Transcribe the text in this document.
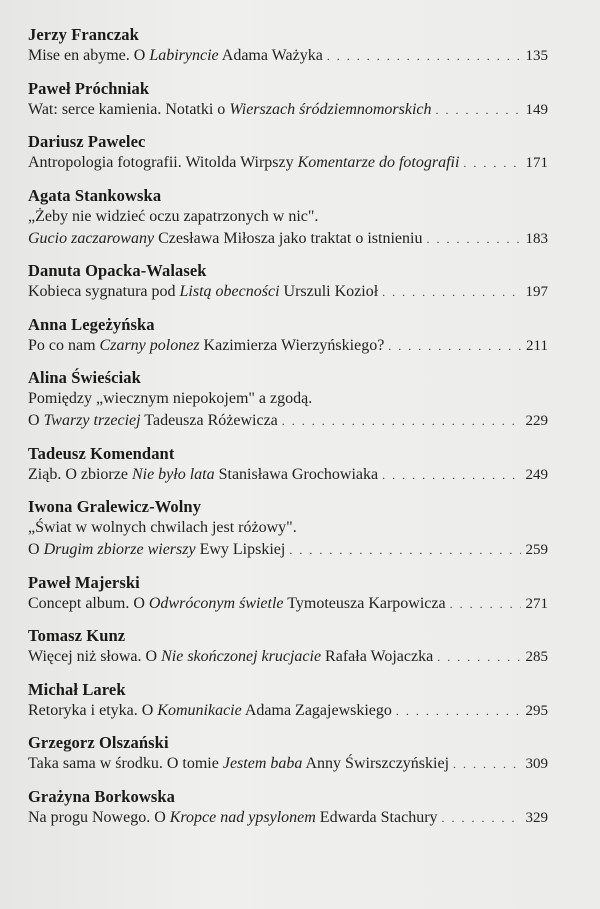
Jerzy Franczak
Mise en abyme. O Labiryncie Adama Ważyka . . .	135
Paweł Próchniak
Wat: serce kamienia. Notatki o Wierszach śródziemnomorskich . . .	149
Dariusz Pawelec
Antropologia fotografii. Witolda Wirpszy Komentarze do fotografii . . .	171
Agata Stankowska
„Żeby nie widzieć oczu zapatrzonych w nic".
Gucio zaczarowany Czesława Miłosza jako traktat o istnieniu . . .	183
Danuta Opacka-Walasek
Kobieca sygnatura pod Listą obecności Urszuli Kozioł . . .	197
Anna Legeżyńska
Po co nam Czarny polonez Kazimierza Wierzyńskiego? . . .	211
Alina Świeściak
Pomiędzy „wiecznym niepokojem" a zgodą.
O Twarzy trzeciej Tadeusza Różewicza . . .	229
Tadeusz Komendant
Ziąb. O zbiorze Nie było lata Stanisława Grochowiaka . . .	249
Iwona Gralewicz-Wolny
„Świat w wolnych chwilach jest różowy".
O Drugim zbiorze wierszy Ewy Lipskiej . . .	259
Paweł Majerski
Concept album. O Odwróconym świetle Tymoteusza Karpowicza . . .	271
Tomasz Kunz
Więcej niż słowa. O Nie skończonej krucjacie Rafała Wojaczka . . .	285
Michał Larek
Retoryka i etyka. O Komunikacie Adama Zagajewskiego . . .	295
Grzegorz Olszański
Taka sama w środku. O tomie Jestem baba Anny Świrszczyńskiej . . .	309
Grażyna Borkowska
Na progu Nowego. O Kropce nad ypsylonem Edwarda Stachury . . .	329
